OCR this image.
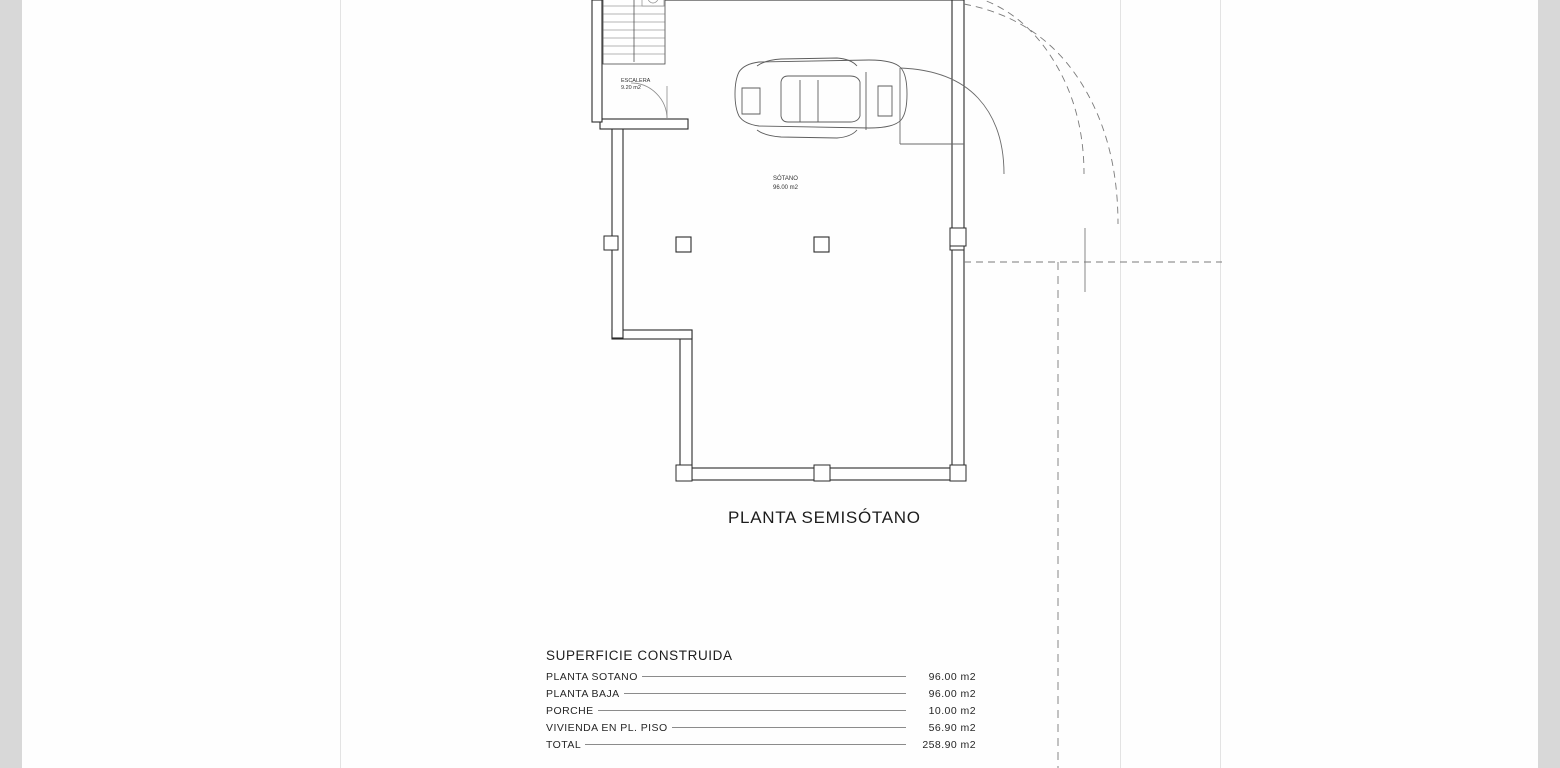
ESCALERA
9.20 m2
SÓTANO
96.00 m2
PLANTA SEMISÓTANO
SUPERFICIE CONSTRUIDA
PLANTA SOTANO	96.00 m2
PLANTA BAJA	96.00 m2
PORCHE	10.00 m2
VIVIENDA EN PL. PISO	56.90 m2
TOTAL	258.90 m2
